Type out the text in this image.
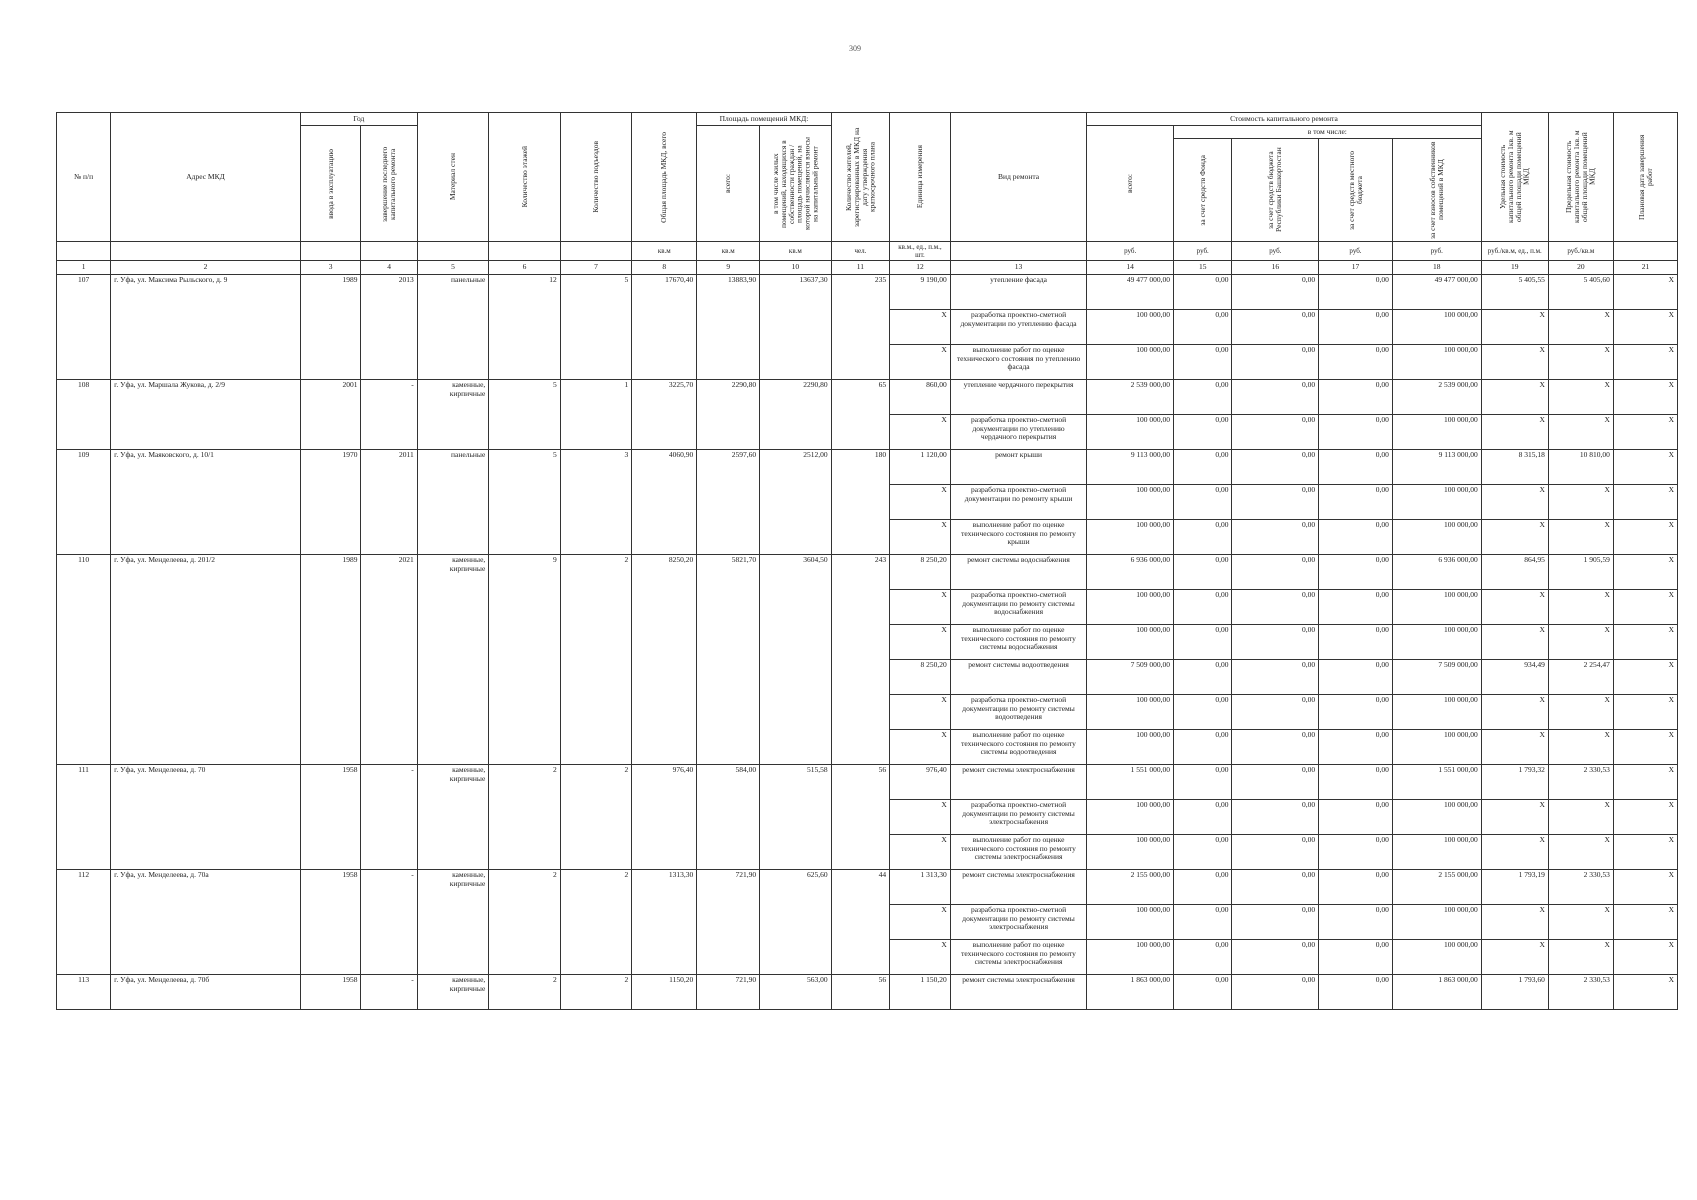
309
№ п/п	Адрес МКД	Год		Материал стен	Количество этажей	Количество подъездов	Общая площадь МКД, всего	Площадь помещений МКД:		Количество жителей, зарегистрированных в МКД на дату утверждения краткосрочного плана	Единица измерения	Вид ремонта	Стоимость капитального ремонта					Удельная стоимость капитального ремонта 1кв. м общей площади помещений МКД	Предельная стоимость капитального ремонта 1кв. м общей площади помещений МКД	Плановая дата завершения работ

		ввода в эксплуатацию	завершение последнего капитального ремонта					всего:	в том числе жилых помещений, находящихся в собственности граждан / площадь помещений, на которой начисляются взносы на капитальный ремонт				всего:	в том числе:						

														за счет средств Фонда	за счет средств бюджета Республики Башкортостан	за счет средств местного бюджета	за счет взносов собственников помещений в МКД			

							кв.м	кв.м	кв.м	чел.	кв.м., ед., п.м., шт.		руб.	руб.	руб.	руб.	руб.	руб./кв.м, ед., п.м.	руб./кв.м	
1	2	3	4	5	6	7	8	9	10	11	12	13	14	15	16	17	18	19	20	21
107	г. Уфа, ул. Максима Рыльского, д. 9	1989	2013	панельные	12	5	17670,40	13883,90	13637,30	235	9 190,00	утепление фасада	49 477 000,00	0,00	0,00	0,00	49 477 000,00	5 405,55	5 405,60	X
											X	разработка проектно-сметной документации по утеплению фасада	100 000,00	0,00	0,00	0,00	100 000,00	X	X	X
											X	выполнение работ по оценке технического состояния по утеплению фасада	100 000,00	0,00	0,00	0,00	100 000,00	X	X	X
108	г. Уфа, ул. Маршала Жукова, д. 2/9	2001	-	каменные, кирпичные	5	1	3225,70	2290,80	2290,80	65	860,00	утепление чердачного перекрытия	2 539 000,00	0,00	0,00	0,00	2 539 000,00	X	X	X
											X	разработка проектно-сметной документации по утеплению чердачного перекрытия	100 000,00	0,00	0,00	0,00	100 000,00	X	X	X
109	г. Уфа, ул. Маяковского, д. 10/1	1970	2011	панельные	5	3	4060,90	2597,60	2512,00	180	1 120,00	ремонт крыши	9 113 000,00	0,00	0,00	0,00	9 113 000,00	8 315,18	10 810,00	X
											X	разработка проектно-сметной документации по ремонту крыши	100 000,00	0,00	0,00	0,00	100 000,00	X	X	X
											X	выполнение работ по оценке технического состояния по ремонту крыши	100 000,00	0,00	0,00	0,00	100 000,00	X	X	X
110	г. Уфа, ул. Менделеева, д. 201/2	1989	2021	каменные, кирпичные	9	2	8250,20	5821,70	3604,50	243	8 250,20	ремонт системы водоснабжения	6 936 000,00	0,00	0,00	0,00	6 936 000,00	864,95	1 905,59	X
											X	разработка проектно-сметной документации по ремонту системы водоснабжения	100 000,00	0,00	0,00	0,00	100 000,00	X	X	X
											X	выполнение работ по оценке технического состояния по ремонту системы водоснабжения	100 000,00	0,00	0,00	0,00	100 000,00	X	X	X
											8 250,20	ремонт системы водоотведения	7 509 000,00	0,00	0,00	0,00	7 509 000,00	934,49	2 254,47	X
											X	разработка проектно-сметной документации по ремонту системы водоотведения	100 000,00	0,00	0,00	0,00	100 000,00	X	X	X
											X	выполнение работ по оценке технического состояния по ремонту системы водоотведения	100 000,00	0,00	0,00	0,00	100 000,00	X	X	X
111	г. Уфа, ул. Менделеева, д. 70	1958	-	каменные, кирпичные	2	2	976,40	584,00	515,58	56	976,40	ремонт системы электроснабжения	1 551 000,00	0,00	0,00	0,00	1 551 000,00	1 793,32	2 330,53	X
											X	разработка проектно-сметной документации по ремонту системы электроснабжения	100 000,00	0,00	0,00	0,00	100 000,00	X	X	X
											X	выполнение работ по оценке технического состояния по ремонту системы электроснабжения	100 000,00	0,00	0,00	0,00	100 000,00	X	X	X
112	г. Уфа, ул. Менделеева, д. 70а	1958	-	каменные, кирпичные	2	2	1313,30	721,90	625,60	44	1 313,30	ремонт системы электроснабжения	2 155 000,00	0,00	0,00	0,00	2 155 000,00	1 793,19	2 330,53	X
											X	разработка проектно-сметной документации по ремонту системы электроснабжения	100 000,00	0,00	0,00	0,00	100 000,00	X	X	X
											X	выполнение работ по оценке технического состояния по ремонту системы электроснабжения	100 000,00	0,00	0,00	0,00	100 000,00	X	X	X
113	г. Уфа, ул. Менделеева, д. 70б	1958	-	каменные, кирпичные	2	2	1150,20	721,90	563,00	56	1 150,20	ремонт системы электроснабжения	1 863 000,00	0,00	0,00	0,00	1 863 000,00	1 793,60	2 330,53	X
